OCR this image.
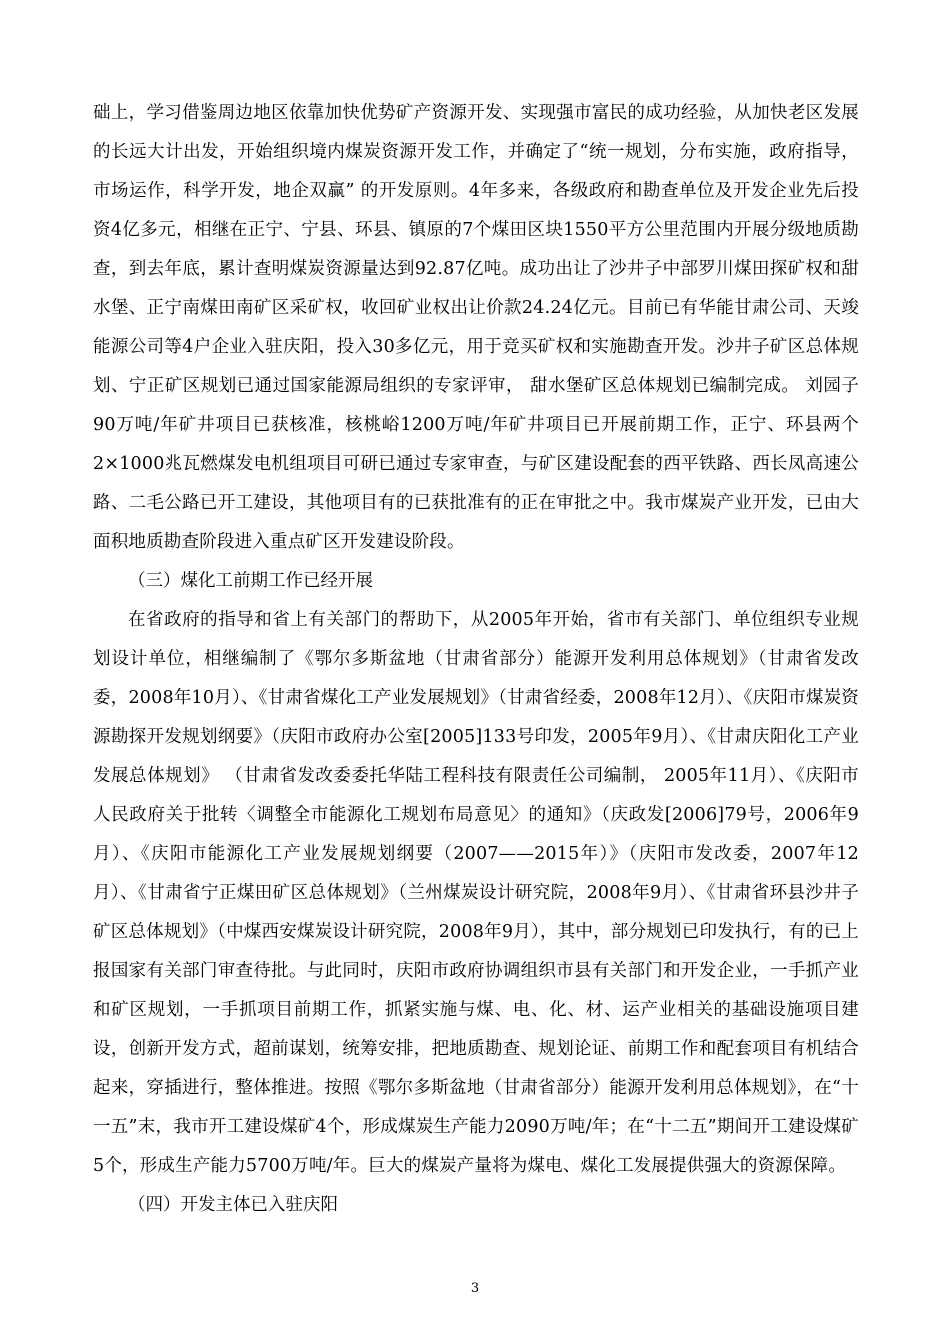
础上，学习借鉴周边地区依靠加快优势矿产资源开发、实现强市富民的成功经验，从加快老区发展的长远大计出发，开始组织境内煤炭资源开发工作，并确定了“统一规划，分布实施，政府指导，市场运作，科学开发，地企双赢” 的开发原则。4年多来，各级政府和勘查单位及开发企业先后投资4亿多元，相继在正宁、宁县、环县、镇原的7个煤田区块1550平方公里范围内开展分级地质勘查，到去年底，累计查明煤炭资源量达到92.87亿吨。成功出让了沙井子中部罗川煤田探矿权和甜水堡、正宁南煤田南矿区采矿权，收回矿业权出让价款24.24亿元。目前已有华能甘肃公司、天竣能源公司等4户企业入驻庆阳，投入30多亿元，用于竞买矿权和实施勘查开发。沙井子矿区总体规划、宁正矿区规划已通过国家能源局组织的专家评审， 甜水堡矿区总体规划已编制完成。 刘园子90万吨/年矿井项目已获核准，核桃峪1200万吨/年矿井项目已开展前期工作，正宁、环县两个2×1000兆瓦燃煤发电机组项目可研已通过专家审查，与矿区建设配套的西平铁路、西长凤高速公路、二毛公路已开工建设，其他项目有的已获批准有的正在审批之中。我市煤炭产业开发，已由大面积地质勘查阶段进入重点矿区开发建设阶段。

（三）煤化工前期工作已经开展

在省政府的指导和省上有关部门的帮助下，从2005年开始，省市有关部门、单位组织专业规划设计单位，相继编制了《鄂尔多斯盆地（甘肃省部分）能源开发利用总体规划》（甘肃省发改委，2008年10月）、《甘肃省煤化工产业发展规划》（甘肃省经委，2008年12月）、《庆阳市煤炭资源勘探开发规划纲要》（庆阳市政府办公室[2005]133号印发，2005年9月）、《甘肃庆阳化工产业发展总体规划》 （甘肃省发改委委托华陆工程科技有限责任公司编制， 2005年11月）、《庆阳市人民政府关于批转〈调整全市能源化工规划布局意见〉的通知》（庆政发[2006]79号，2006年9月）、《庆阳市能源化工产业发展规划纲要（2007——2015年）》（庆阳市发改委，2007年12月）、《甘肃省宁正煤田矿区总体规划》（兰州煤炭设计研究院，2008年9月）、《甘肃省环县沙井子矿区总体规划》（中煤西安煤炭设计研究院，2008年9月），其中，部分规划已印发执行，有的已上报国家有关部门审查待批。与此同时，庆阳市政府协调组织市县有关部门和开发企业，一手抓产业和矿区规划，一手抓项目前期工作，抓紧实施与煤、电、化、材、运产业相关的基础设施项目建设，创新开发方式，超前谋划，统筹安排，把地质勘查、规划论证、前期工作和配套项目有机结合起来，穿插进行，整体推进。按照《鄂尔多斯盆地（甘肃省部分）能源开发利用总体规划》，在“十一五”末，我市开工建设煤矿4个，形成煤炭生产能力2090万吨/年；在“十二五”期间开工建设煤矿5个，形成生产能力5700万吨/年。巨大的煤炭产量将为煤电、煤化工发展提供强大的资源保障。

（四）开发主体已入驻庆阳

3
